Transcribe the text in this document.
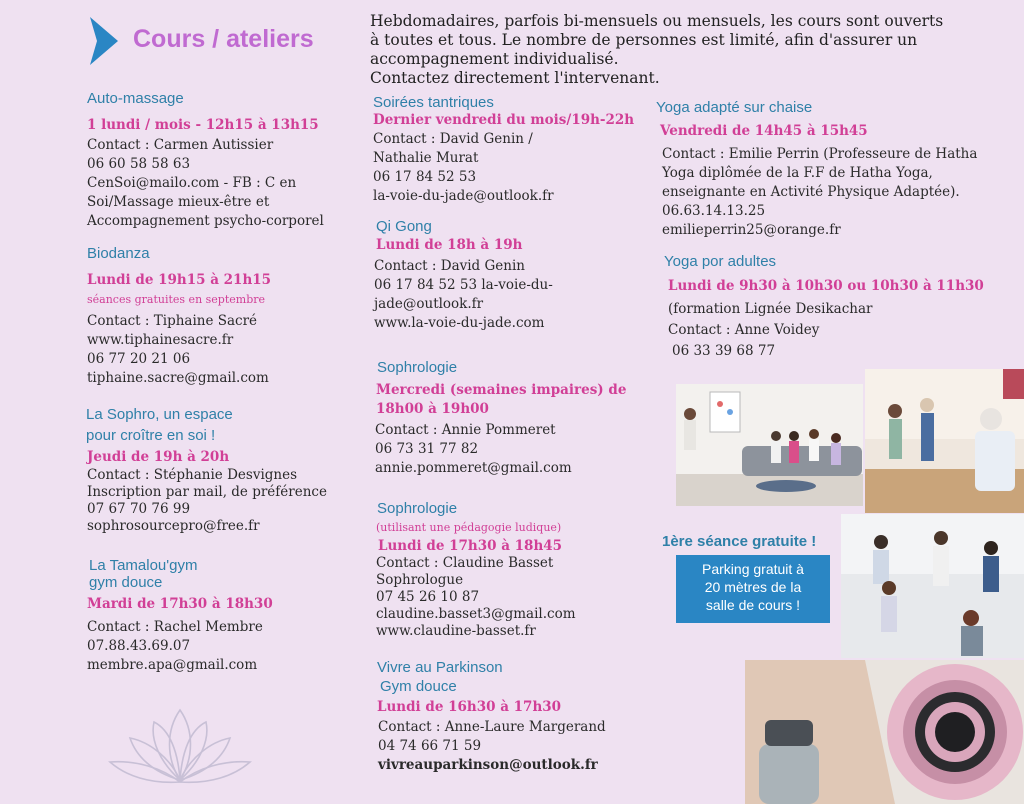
Cours / ateliers
Hebdomadaires, parfois bi-mensuels ou mensuels, les cours sont ouverts
à toutes et tous. Le nombre de personnes est limité, afin d'assurer un
accompagnement individualisé.
Contactez directement l'intervenant.
Auto-massage
1 lundi / mois - 12h15 à 13h15
Contact : Carmen Autissier
06 60 58 58 63
CenSoi@mailo.com - FB : C en
Soi/Massage mieux-être et
Accompagnement psycho-corporel
Biodanza
Lundi de 19h15 à 21h15
séances gratuites en septembre
Contact : Tiphaine Sacré
www.tiphainesacre.fr
06 77 20 21 06
tiphaine.sacre@gmail.com
La Sophro, un espace
pour croître en soi !
Jeudi de 19h à 20h
Contact : Stéphanie Desvignes
Inscription par mail, de préférence
07 67 70 76 99
sophrosourcepro@free.fr
La Tamalou'gym
gym douce
Mardi de 17h30 à 18h30
Contact : Rachel Membre
07.88.43.69.07
membre.apa@gmail.com
Soirées tantriques
Dernier vendredi du mois/19h-22h
Contact : David Genin /
Nathalie Murat
06 17 84 52 53
la-voie-du-jade@outlook.fr
Qi Gong
Lundi de 18h à 19h
Contact : David Genin
06 17 84 52 53 la-voie-du-
jade@outlook.fr
www.la-voie-du-jade.com
Sophrologie
Mercredi (semaines impaires) de
18h00 à 19h00
Contact : Annie Pommeret
06 73 31 77 82
annie.pommeret@gmail.com
Sophrologie
(utilisant une pédagogie ludique)
Lundi de 17h30 à 18h45
Contact : Claudine Basset
Sophrologue
07 45 26 10 87
claudine.basset3@gmail.com
www.claudine-basset.fr
Vivre au Parkinson
Gym douce
Lundi de 16h30 à 17h30
Contact : Anne-Laure Margerand
04 74 66 71 59
vivreauparkinson@outlook.fr
Yoga adapté sur chaise
Vendredi de 14h45 à 15h45
Contact : Emilie Perrin (Professeure de Hatha
Yoga diplômée de la F.F de Hatha Yoga,
enseignante en Activité Physique Adaptée).
06.63.14.13.25
emilieperrin25@orange.fr
Yoga por adultes
Lundi de 9h30 à 10h30 ou 10h30 à 11h30
(formation Lignée Desikachar
Contact : Anne Voidey
06 33 39 68 77
1ère séance gratuite !
Parking gratuit à
20 mètres de la
salle de cours !
